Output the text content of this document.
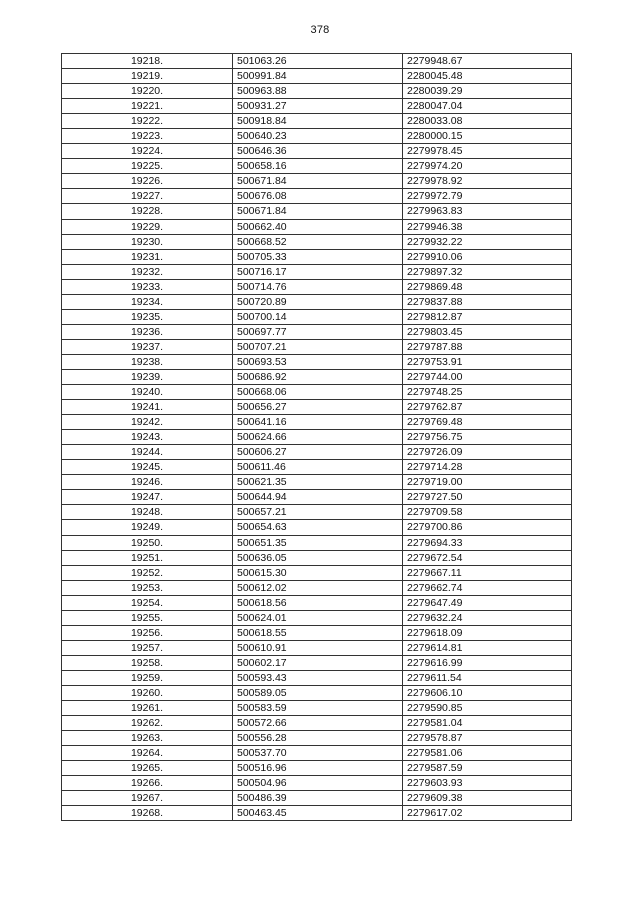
378
19218.	501063.26	2279948.67
19219.	500991.84	2280045.48
19220.	500963.88	2280039.29
19221.	500931.27	2280047.04
19222.	500918.84	2280033.08
19223.	500640.23	2280000.15
19224.	500646.36	2279978.45
19225.	500658.16	2279974.20
19226.	500671.84	2279978.92
19227.	500676.08	2279972.79
19228.	500671.84	2279963.83
19229.	500662.40	2279946.38
19230.	500668.52	2279932.22
19231.	500705.33	2279910.06
19232.	500716.17	2279897.32
19233.	500714.76	2279869.48
19234.	500720.89	2279837.88
19235.	500700.14	2279812.87
19236.	500697.77	2279803.45
19237.	500707.21	2279787.88
19238.	500693.53	2279753.91
19239.	500686.92	2279744.00
19240.	500668.06	2279748.25
19241.	500656.27	2279762.87
19242.	500641.16	2279769.48
19243.	500624.66	2279756.75
19244.	500606.27	2279726.09
19245.	500611.46	2279714.28
19246.	500621.35	2279719.00
19247.	500644.94	2279727.50
19248.	500657.21	2279709.58
19249.	500654.63	2279700.86
19250.	500651.35	2279694.33
19251.	500636.05	2279672.54
19252.	500615.30	2279667.11
19253.	500612.02	2279662.74
19254.	500618.56	2279647.49
19255.	500624.01	2279632.24
19256.	500618.55	2279618.09
19257.	500610.91	2279614.81
19258.	500602.17	2279616.99
19259.	500593.43	2279611.54
19260.	500589.05	2279606.10
19261.	500583.59	2279590.85
19262.	500572.66	2279581.04
19263.	500556.28	2279578.87
19264.	500537.70	2279581.06
19265.	500516.96	2279587.59
19266.	500504.96	2279603.93
19267.	500486.39	2279609.38
19268.	500463.45	2279617.02
